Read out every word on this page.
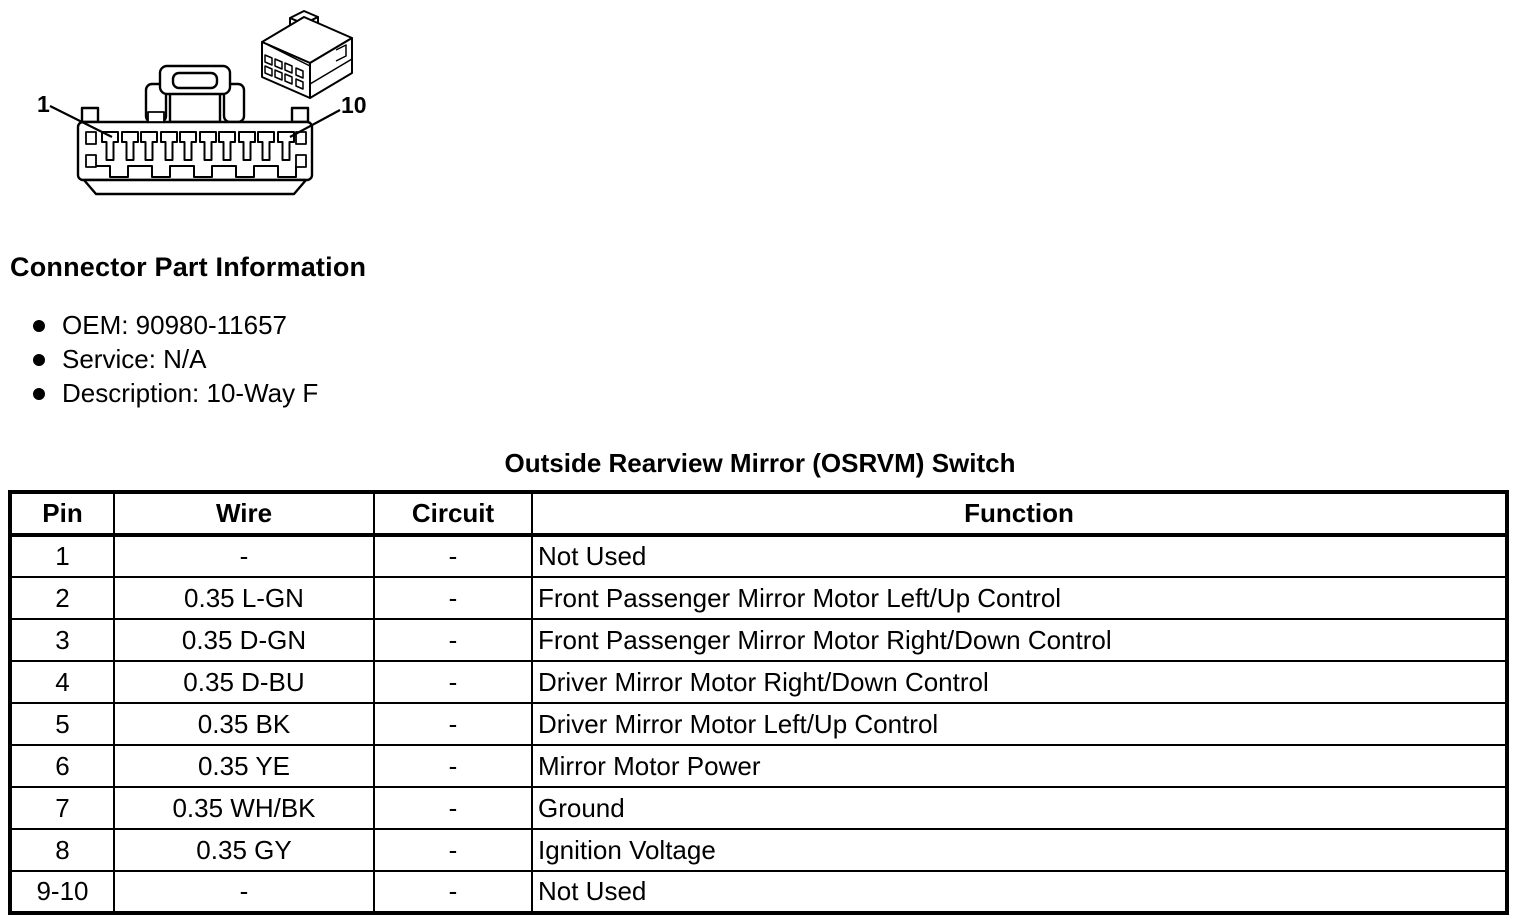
1	10
Connector Part Information
OEM: 90980-11657
Service: N/A
Description: 10-Way F
Outside Rearview Mirror (OSRVM) Switch
Pin	Wire	Circuit	Function
1	-	-	Not Used
2	0.35 L-GN	-	Front Passenger Mirror Motor Left/Up Control
3	0.35 D-GN	-	Front Passenger Mirror Motor Right/Down Control
4	0.35 D-BU	-	Driver Mirror Motor Right/Down Control
5	0.35 BK	-	Driver Mirror Motor Left/Up Control
6	0.35 YE	-	Mirror Motor Power
7	0.35 WH/BK	-	Ground
8	0.35 GY	-	Ignition Voltage
9-10	-	-	Not Used
